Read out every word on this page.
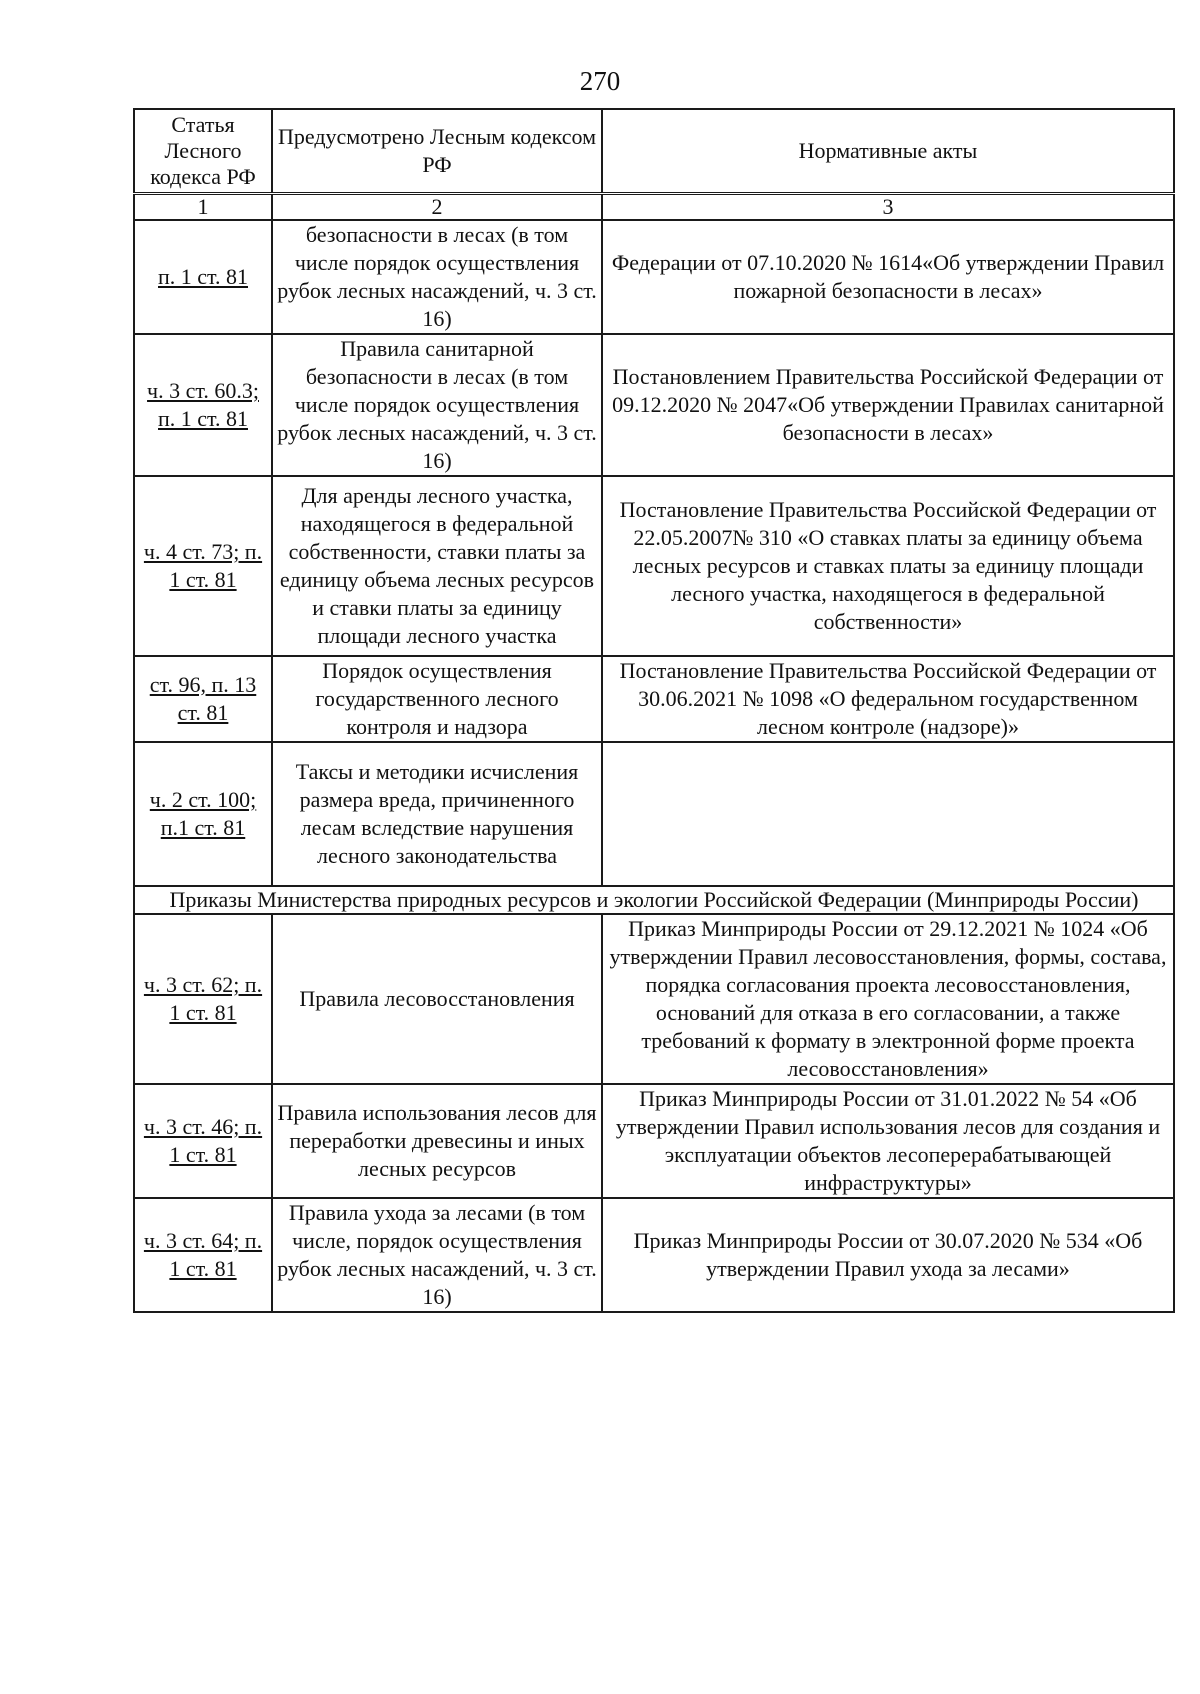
270
Статья Лесного кодекса РФ	Предусмотрено Лесным кодексом РФ	Нормативные акты
1	2	3
п. 1 ст. 81	безопасности в лесах (в том числе порядок осуществления рубок лесных насаждений, ч. 3 ст. 16)	Федерации от 07.10.2020 № 1614«Об утверждении Правил пожарной безопасности в лесах»
ч. 3 ст. 60.3; п. 1 ст. 81	Правила санитарной безопасности в лесах (в том числе порядок осуществления рубок лесных насаждений, ч. 3 ст. 16)	Постановлением Правительства Российской Федерации от 09.12.2020 № 2047«Об утверждении Правилах санитарной безопасности в лесах»
ч. 4 ст. 73; п. 1 ст. 81	Для аренды лесного участка, находящегося в федеральной собственности, ставки платы за единицу объема лесных ресурсов и ставки платы за единицу площади лесного участка	Постановление Правительства Российской Федерации от 22.05.2007№ 310 «О ставках платы за единицу объема лесных ресурсов и ставках платы за единицу площади лесного участка, находящегося в федеральной собственности»
ст. 96, п. 13 ст. 81	Порядок осуществления государственного лесного контроля и надзора	Постановление Правительства Российской Федерации от 30.06.2021 № 1098 «О федеральном государственном лесном контроле (надзоре)»
ч. 2 ст. 100; п.1 ст. 81	Таксы и методики исчисления размера вреда, причиненного лесам вследствие нарушения лесного законодательства	
Приказы Министерства природных ресурсов и экологии Российской Федерации (Минприроды России)		
ч. 3 ст. 62; п. 1 ст. 81	Правила лесовосстановления	Приказ Минприроды России от 29.12.2021 № 1024 «Об утверждении Правил лесовосстановления, формы, состава, порядка согласования проекта лесовосстановления, оснований для отказа в его согласовании, а также требований к формату в электронной форме проекта лесовосстановления»
ч. 3 ст. 46; п. 1 ст. 81	Правила использования лесов для переработки древесины и иных лесных ресурсов	Приказ Минприроды России от 31.01.2022 № 54 «Об утверждении Правил использования лесов для создания и эксплуатации объектов лесоперерабатывающей инфраструктуры»
ч. 3 ст. 64; п. 1 ст. 81	Правила ухода за лесами (в том числе, порядок осуществления рубок лесных насаждений, ч. 3 ст. 16)	Приказ Минприроды России от 30.07.2020 № 534 «Об утверждении Правил ухода за лесами»
